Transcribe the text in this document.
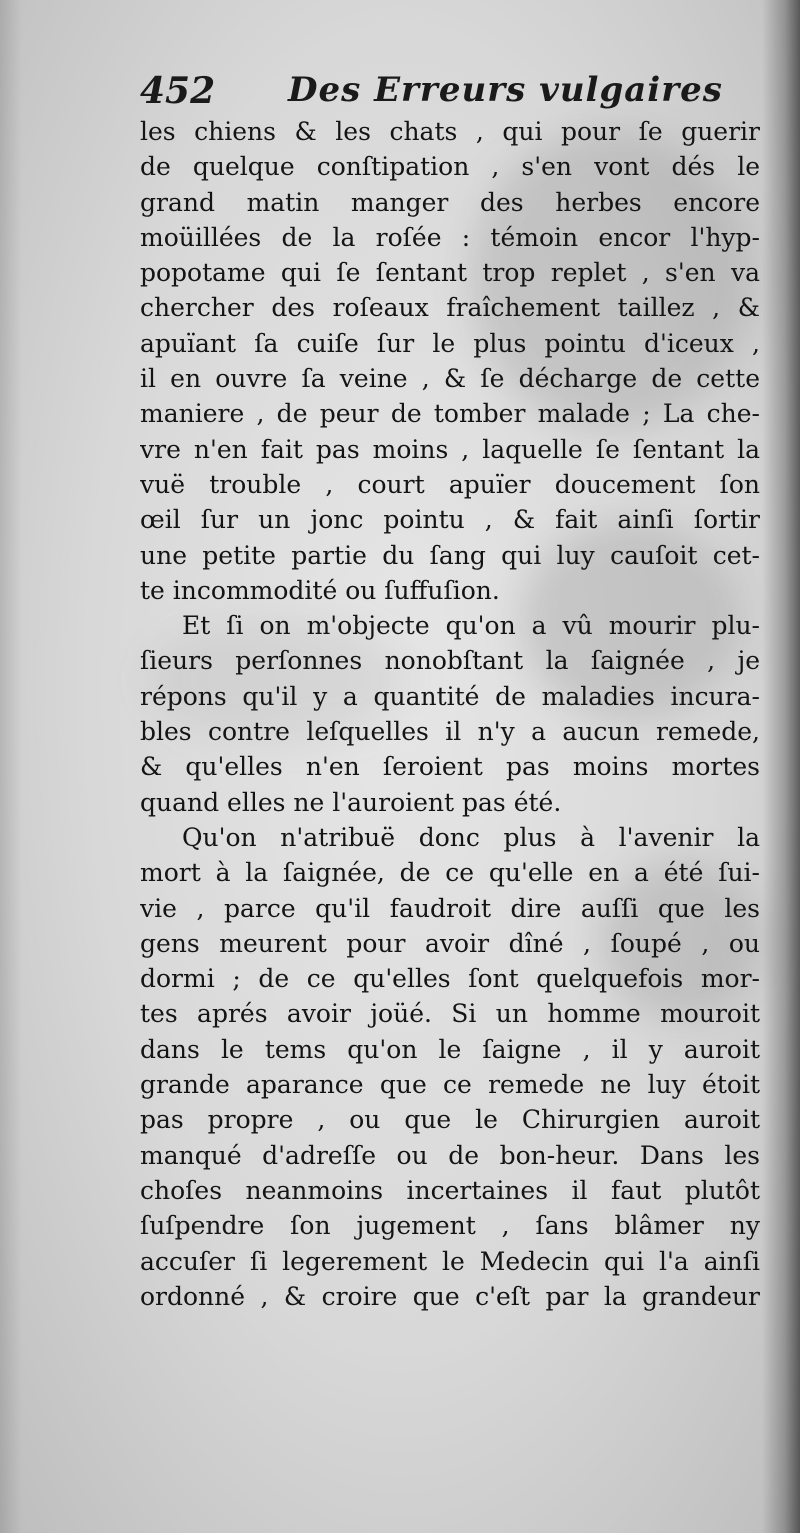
452 Des Erreurs vulgaires
les chiens & les chats , qui pour ſe guerir
de quelque conſtipation , s'en vont dés le
grand matin manger des herbes encore
moüillées de la roſée : témoin encor l'hyp-
popotame qui ſe ſentant trop replet , s'en va
chercher des roſeaux fraîchement taillez , &
apuïant ſa cuiſe ſur le plus pointu d'iceux ,
il en ouvre ſa veine , & ſe décharge de cette
maniere , de peur de tomber malade ; La che-
vre n'en fait pas moins , laquelle ſe ſentant la
vuë trouble , court apuïer doucement ſon
œil ſur un jonc pointu , & fait ainſi ſortir
une petite partie du ſang qui luy cauſoit cet-
te incommodité ou ſuffuſion.
Et ſi on m'objecte qu'on a vû mourir plu-
ſieurs perſonnes nonobſtant la ſaignée , je
répons qu'il y a quantité de maladies incura-
bles contre leſquelles il n'y a aucun remede,
& qu'elles n'en ſeroient pas moins mortes
quand elles ne l'auroient pas été.
Qu'on n'atribuë donc plus à l'avenir la
mort à la ſaignée, de ce qu'elle en a été ſui-
vie , parce qu'il faudroit dire auſſi que les
gens meurent pour avoir dîné , ſoupé , ou
dormi ; de ce qu'elles ſont quelquefois mor-
tes aprés avoir joüé. Si un homme mouroit
dans le tems qu'on le ſaigne , il y auroit
grande aparance que ce remede ne luy étoit
pas propre , ou que le Chirurgien auroit
manqué d'adreſſe ou de bon-heur. Dans les
choſes neanmoins incertaines il faut plutôt
ſuſpendre ſon jugement , ſans blâmer ny
accuſer ſi legerement le Medecin qui l'a ainſi
ordonné , & croire que c'eſt par la grandeur
